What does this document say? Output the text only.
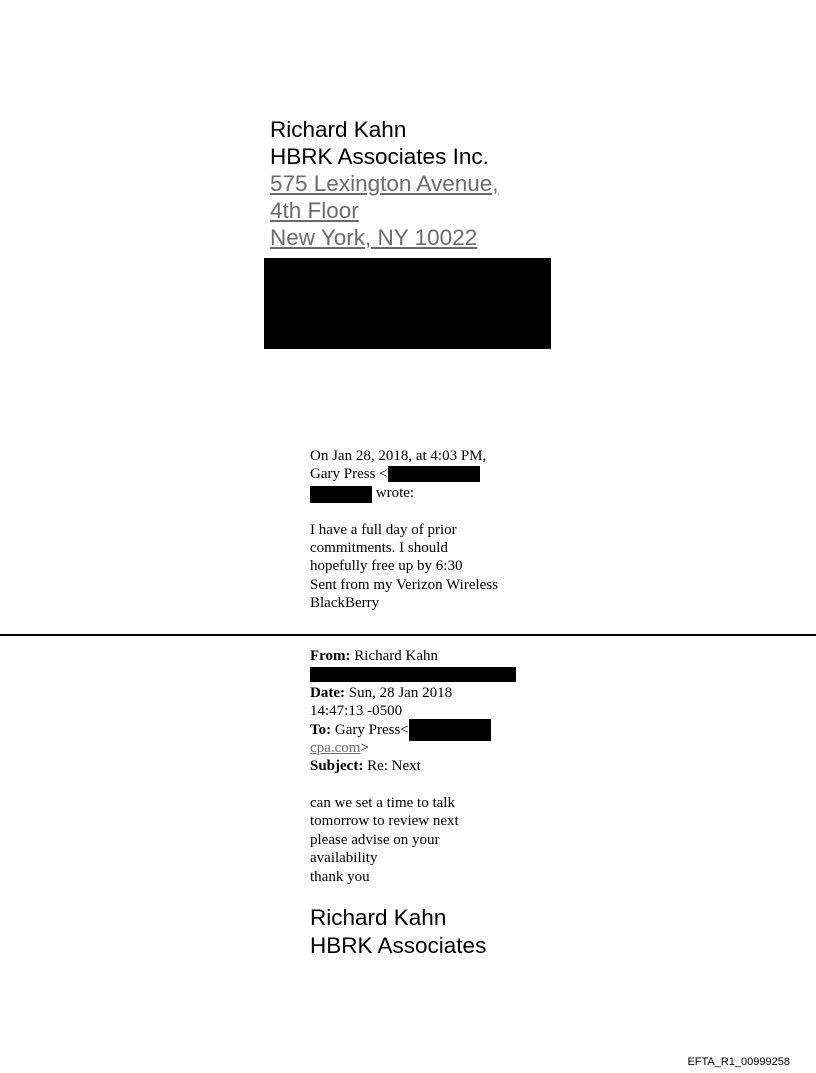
Richard Kahn
HBRK Associates Inc.
575 Lexington Avenue,
4th Floor
New York, NY 10022
On Jan 28, 2018, at 4:03 PM,
Gary Press <
wrote:
I have a full day of prior
commitments. I should
hopefully free up by 6:30
Sent from my Verizon Wireless
BlackBerry
From: Richard Kahn
Date: Sun, 28 Jan 2018
14:47:13 -0500
To: Gary Press<
cpa.com>
Subject: Re: Next
can we set a time to talk
tomorrow to review next
please advise on your
availability
thank you
Richard Kahn
HBRK Associates
EFTA_R1_00999258
